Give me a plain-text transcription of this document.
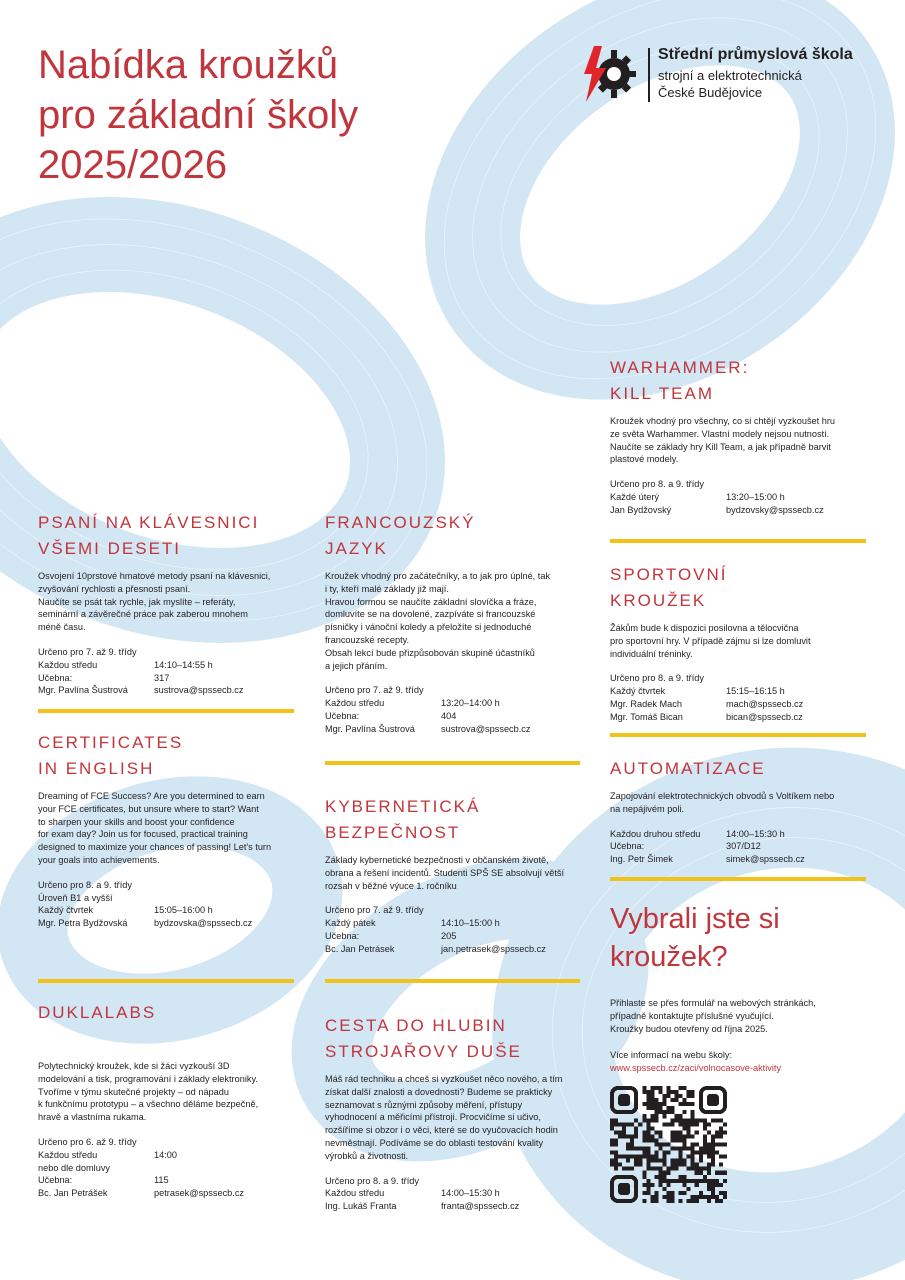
Nabídka kroužků
pro základní školy
2025/2026
Střední průmyslová škola
strojní a elektrotechnická
České Budějovice
PSANÍ NA KLÁVESNICI
VŠEMI DESETI
Osvojení 10prstové hmatové metody psaní na klávesnici,
zvyšování rychlosti a přesnosti psaní.
Naučíte se psát tak rychle, jak myslíte – referáty,
seminární a závěrečné práce pak zaberou mnohem
méně času.
Určeno pro 7. až 9. třídy
Každou středu	14:10–14:55 h
Učebna:	317
Mgr. Pavlína Šustrová	sustrova@spssecb.cz
CERTIFICATES
IN ENGLISH
Dreaming of FCE Success? Are you determined to earn
your FCE certificates, but unsure where to start? Want
to sharpen your skills and boost your confidence
for exam day? Join us for focused, practical training
designed to maximize your chances of passing! Let's turn
your goals into achievements.
Určeno pro 8. a 9. třídy
Úroveň B1 a vyšší
Každý čtvrtek	15:05–16:00 h
Mgr. Petra Bydžovská	bydzovska@spssecb.cz
DUKLALABS
Polytechnický kroužek, kde si žáci vyzkouší 3D
modelování a tisk, programování i základy elektroniky.
Tvoříme v týmu skutečné projekty – od nápadu
k funkčnímu prototypu – a všechno děláme bezpečně,
hravě a vlastníma rukama.
Určeno pro 6. až 9. třídy
Každou středu	14:00
nebo dle domluvy
Učebna:	115
Bc. Jan Petrášek	petrasek@spssecb.cz
FRANCOUZSKÝ
JAZYK
Kroužek vhodný pro začátečníky, a to jak pro úplné, tak
i ty, kteří malé základy již mají.
Hravou formou se naučíte základní slovíčka a fráze,
domluvíte se na dovolené, zazpíváte si francouzské
písničky i vánoční koledy a přeložíte si jednoduché
francouzské recepty.
Obsah lekcí bude přizpůsobován skupině účastníků
a jejich přáním.
Určeno pro 7. až 9. třídy
Každou středu	13:20–14:00 h
Učebna:	404
Mgr. Pavlína Šustrová	sustrova@spssecb.cz
KYBERNETICKÁ
BEZPEČNOST
Základy kybernetické bezpečnosti v občanském životě,
obrana a řešení incidentů. Studenti SPŠ SE absolvují větší
rozsah v běžné výuce 1. ročníku
Určeno pro 7. až 9. třídy
Každý pátek	14:10–15:00 h
Učebna:	205
Bc. Jan Petrásek	jan.petrasek@spssecb.cz
CESTA DO HLUBIN
STROJAŘOVY DUŠE
Máš rád techniku a chceš si vyzkoušet něco nového, a tím
získat další znalosti a dovednosti? Budeme se prakticky
seznamovat s různými způsoby měření, přístupy
vyhodnocení a měřicími přístroji. Procvičíme si učivo,
rozšíříme si obzor i o věci, které se do vyučovacích hodin
nevměstnají. Podíváme se do oblasti testování kvality
výrobků a životnosti.
Určeno pro 8. a 9. třídy
Každou středu	14:00–15:30 h
Ing. Lukáš Franta	franta@spssecb.cz
WARHAMMER:
KILL TEAM
Kroužek vhodný pro všechny, co si chtějí vyzkoušet hru
ze světa Warhammer. Vlastní modely nejsou nutností.
Naučíte se základy hry Kill Team, a jak případně barvit
plastové modely.
Určeno pro 8. a 9. třídy
Každé úterý	13:20–15:00 h
Jan Bydžovský	bydzovsky@spssecb.cz
SPORTOVNÍ
KROUŽEK
Žákům bude k dispozici posilovna a tělocvična
pro sportovní hry. V případě zájmu si lze domluvit
individuální tréninky.
Určeno pro 8. a 9. třídy
Každý čtvrtek	15:15–16:15 h
Mgr. Radek Mach	mach@spssecb.cz
Mgr. Tomáš Bican	bican@spssecb.cz
AUTOMATIZACE
Zapojování elektrotechnických obvodů s Voltíkem nebo
na nepájivém poli.
Každou druhou středu	14:00–15:30 h
Učebna:	307/D12
Ing. Petr Šimek	simek@spssecb.cz
Vybrali jste si
kroužek?
Přihlaste se přes formulář na webových stránkách,
případně kontaktujte příslušné vyučující.
Kroužky budou otevřeny od října 2025.
Více informací na webu školy:
www.spssecb.cz/zaci/volnocasove-aktivity
